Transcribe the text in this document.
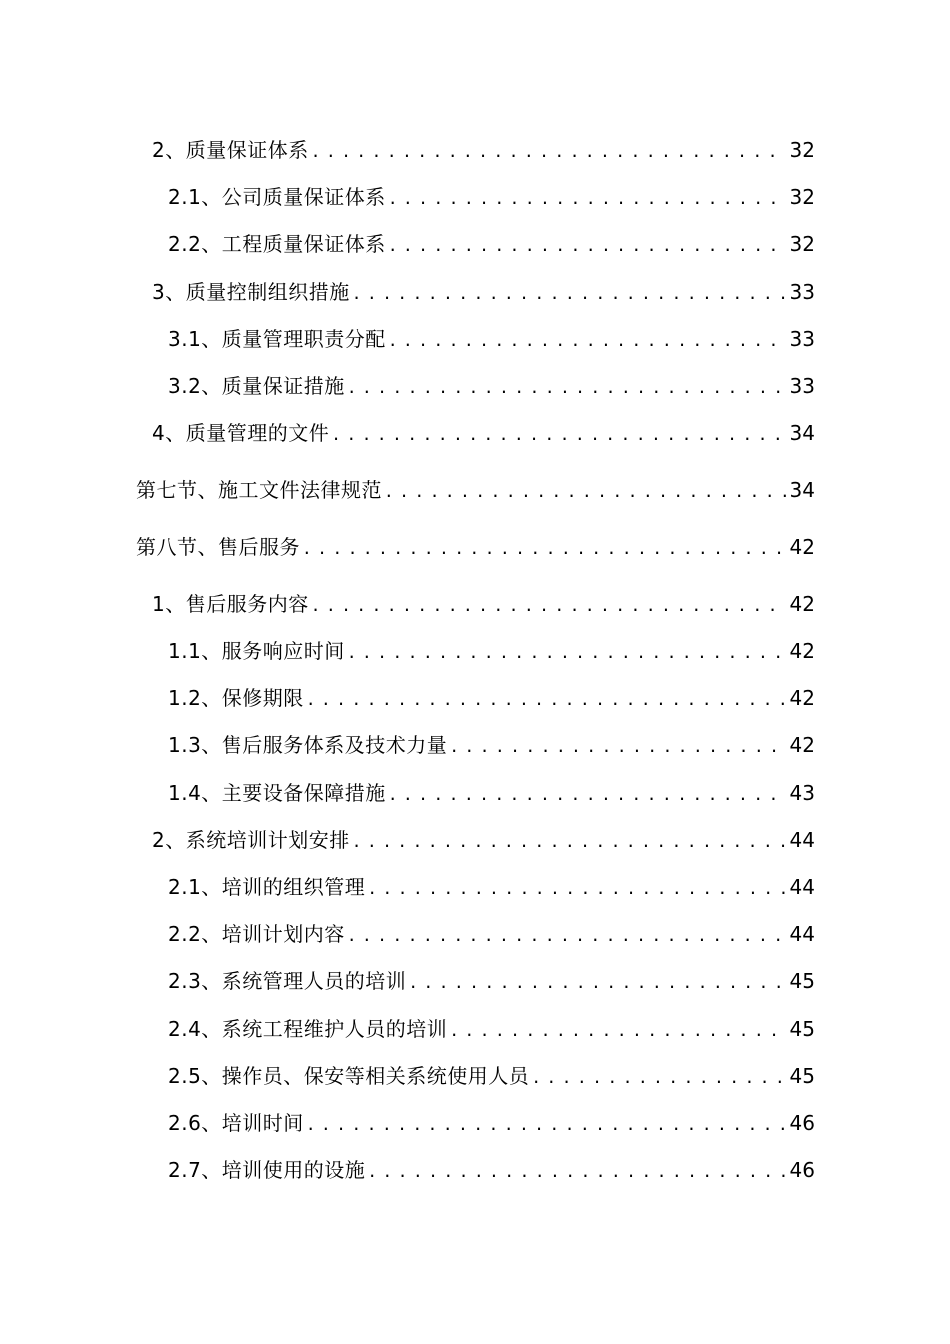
2、质量保证体系 .....	32
2.1、公司质量保证体系 .....	32
2.2、工程质量保证体系 .....	32
3、质量控制组织措施 .....	33
3.1、质量管理职责分配 .....	33
3.2、质量保证措施 .....	33
4、质量管理的文件 .....	34
第七节、施工文件法律规范 .....	34
第八节、售后服务 .....	42
1、售后服务内容 .....	42
1.1、服务响应时间 .....	42
1.2、保修期限 .....	42
1.3、售后服务体系及技术力量 .....	42
1.4、主要设备保障措施 .....	43
2、系统培训计划安排 .....	44
2.1、培训的组织管理 .....	44
2.2、培训计划内容 .....	44
2.3、系统管理人员的培训 .....	45
2.4、系统工程维护人员的培训 .....	45
2.5、操作员、保安等相关系统使用人员 .....	45
2.6、培训时间 .....	46
2.7、培训使用的设施 .....	46
